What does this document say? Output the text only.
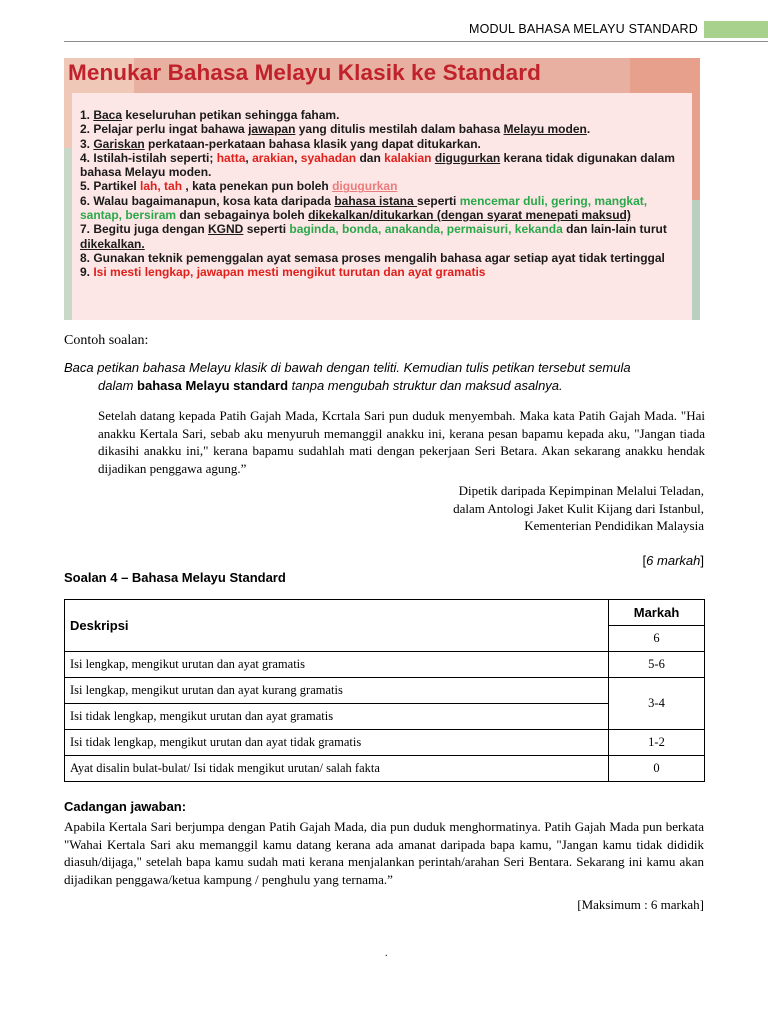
MODUL BAHASA MELAYU STANDARD
Menukar Bahasa Melayu Klasik ke Standard

1. Baca keseluruhan petikan sehingga faham.

2. Pelajar perlu ingat bahawa jawapan yang ditulis mestilah dalam bahasa Melayu moden.

3. Gariskan perkataan-perkataan bahasa klasik yang dapat ditukarkan.

4. Istilah-istilah seperti; hatta, arakian, syahadan dan kalakian digugurkan kerana tidak digunakan dalam bahasa Melayu moden.

5. Partikel lah, tah , kata penekan pun boleh digugurkan

6. Walau bagaimanapun, kosa kata daripada bahasa istana seperti mencemar duli, gering, mangkat, santap, bersiram dan sebagainya boleh dikekalkan/ditukarkan (dengan syarat menepati maksud)

7. Begitu juga dengan KGND seperti baginda, bonda, anakanda, permaisuri, kekanda dan lain-lain turut dikekalkan.

8. Gunakan teknik pemenggalan ayat semasa proses mengalih bahasa agar setiap ayat tidak tertinggal

9. Isi mesti lengkap, jawapan mesti mengikut turutan dan ayat gramatis

Contoh soalan:
Baca petikan bahasa Melayu klasik di bawah dengan teliti. Kemudian tulis petikan tersebut semula
dalam bahasa Melayu standard tanpa mengubah struktur dan maksud asalnya.
Setelah datang kepada Patih Gajah Mada, Kcrtala Sari pun duduk menyembah. Maka kata Patih Gajah Mada. "Hai anakku Kertala Sari, sebab aku menyuruh memanggil anakku ini, kerana pesan bapamu kepada aku, "Jangan tiada dikasihi anakku ini," kerana bapamu sudahlah mati dengan pekerjaan Seri Betara. Akan sekarang anakku hendak dijadikan penggawa agung.”
Dipetik daripada Kepimpinan Melalui Teladan,
dalam Antologi Jaket Kulit Kijang dari Istanbul,
Kementerian Pendidikan Malaysia
[6 markah]
Soalan 4 – Bahasa Melayu Standard
Deskripsi	Markah
	6
Isi lengkap, mengikut urutan dan ayat gramatis	5-6
Isi lengkap, mengikut urutan dan ayat kurang gramatis	3-4
Isi tidak lengkap, mengikut urutan dan ayat gramatis	
Isi tidak lengkap, mengikut urutan dan ayat tidak gramatis	1-2
Ayat disalin bulat-bulat/ Isi tidak mengikut urutan/ salah fakta	0
Cadangan jawaban:
Apabila Kertala Sari berjumpa dengan Patih Gajah Mada, dia pun duduk menghormatinya. Patih Gajah Mada pun berkata "Wahai Kertala Sari aku memanggil kamu datang kerana ada amanat daripada bapa kamu, "Jangan kamu tidak dididik diasuh/dijaga," setelah bapa kamu sudah mati kerana menjalankan perintah/arahan Seri Bentara. Sekarang ini kamu akan dijadikan penggawa/ketua kampung / penghulu yang ternama.”
[Maksimum : 6 markah]
.
